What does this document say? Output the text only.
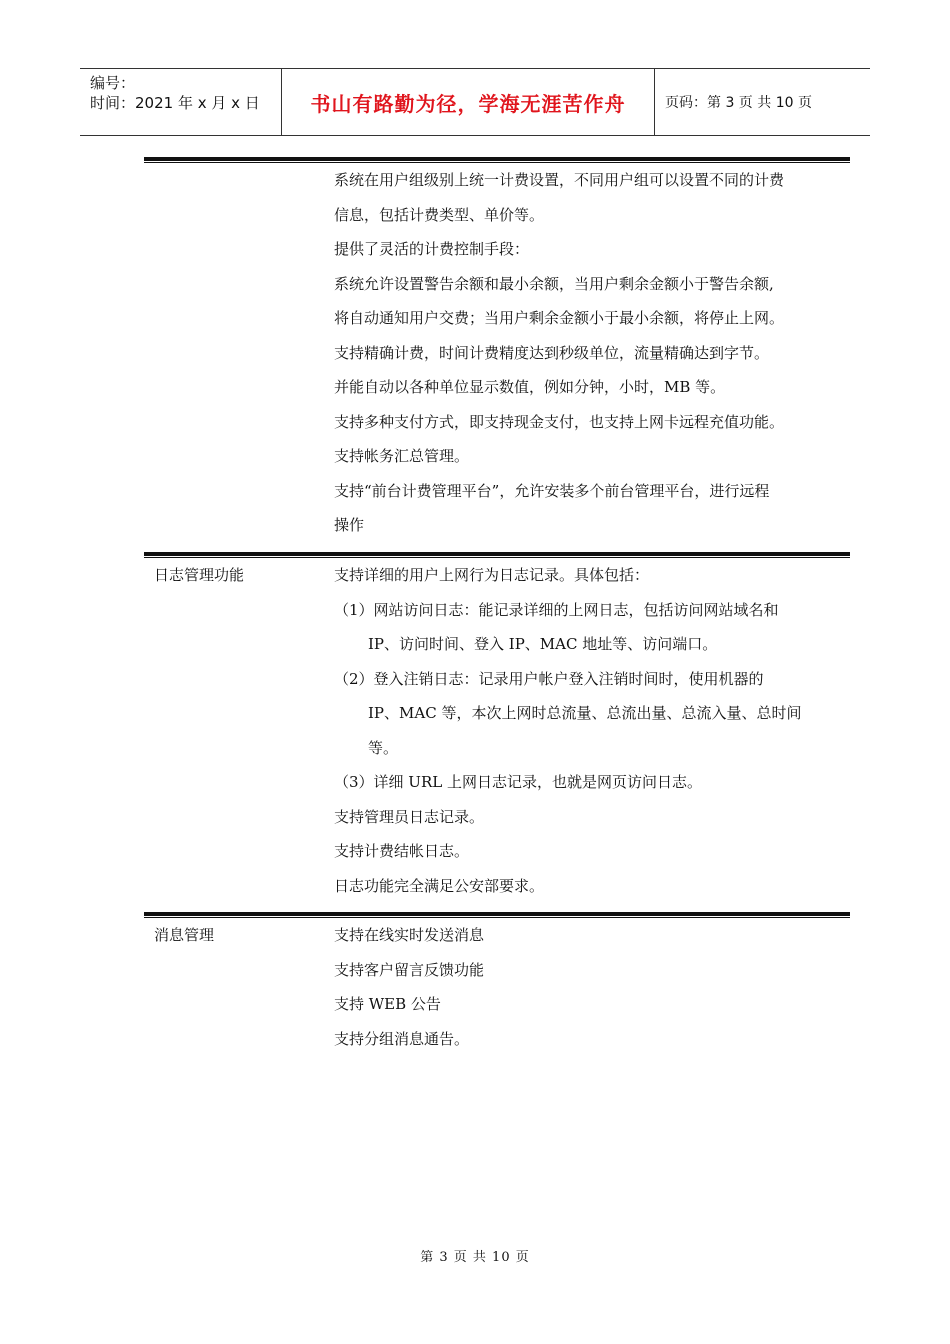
编号：
时间：2021 年 x 月 x 日	书山有路勤为径，学海无涯苦作舟	页码：第 3 页 共 10 页
系统在用户组级别上统一计费设置，不同用户组可以设置不同的计费
信息，包括计费类型、单价等。
提供了灵活的计费控制手段：
系统允许设置警告余额和最小余额，当用户剩余金额小于警告余额,
将自动通知用户交费；当用户剩余金额小于最小余额，将停止上网。
支持精确计费，时间计费精度达到秒级单位，流量精确达到字节。
并能自动以各种单位显示数值，例如分钟，小时，MB 等。
支持多种支付方式，即支持现金支付，也支持上网卡远程充值功能。
支持帐务汇总管理。
支持“前台计费管理平台”，允许安装多个前台管理平台，进行远程
操作
日志管理功能	支持详细的用户上网行为日志记录。具体包括：
（1）网站访问日志：能记录详细的上网日志，包括访问网站域名和
IP、访问时间、登入 IP、MAC 地址等、访问端口。
（2）登入注销日志：记录用户帐户登入注销时间时，使用机器的
IP、MAC 等，本次上网时总流量、总流出量、总流入量、总时间
等。
（3）详细 URL 上网日志记录，也就是网页访问日志。
支持管理员日志记录。
支持计费结帐日志。
日志功能完全满足公安部要求。
消息管理	支持在线实时发送消息
支持客户留言反馈功能
支持 WEB 公告
支持分组消息通告。
第 3 页 共 10 页
